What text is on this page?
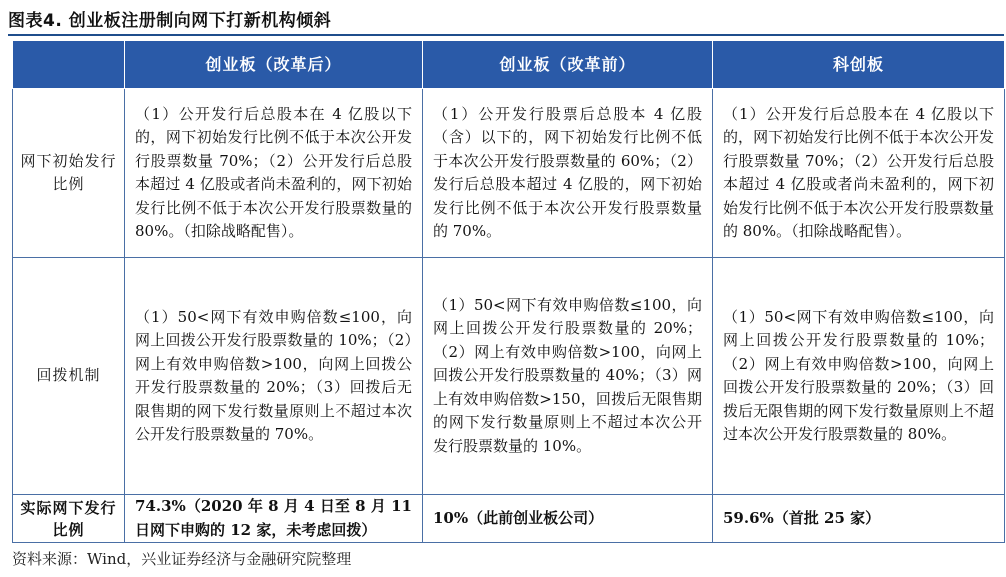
图表4. 创业板注册制向网下打新机构倾斜
	创业板（改革后）	创业板（改革前）	科创板
网下初始发行比例	（1）公开发行后总股本在 4 亿股以下的，网下初始发行比例不低于本次公开发行股票数量 70%；（2）公开发行后总股本超过 4 亿股或者尚未盈利的，网下初始发行比例不低于本次公开发行股票数量的 80%。（扣除战略配售）。	（1）公开发行股票后总股本 4 亿股（含）以下的，网下初始发行比例不低于本次公开发行股票数量的 60%；（2）发行后总股本超过 4 亿股的，网下初始发行比例不低于本次公开发行股票数量的 70%。	（1）公开发行后总股本在 4 亿股以下的，网下初始发行比例不低于本次公开发行股票数量 70%；（2）公开发行后总股本超过 4 亿股或者尚未盈利的，网下初始发行比例不低于本次公开发行股票数量的 80%。（扣除战略配售）。
回拨机制	（1）50<网下有效申购倍数≤100，向网上回拨公开发行股票数量的 10%；（2）网上有效申购倍数>100，向网上回拨公开发行股票数量的 20%；（3）回拨后无限售期的网下发行数量原则上不超过本次公开发行股票数量的 70%。	（1）50<网下有效申购倍数≤100，向网上回拨公开发行股票数量的 20%；（2）网上有效申购倍数>100，向网上回拨公开发行股票数量的 40%；（3）网上有效申购倍数>150，回拨后无限售期的网下发行数量原则上不超过本次公开发行股票数量的 10%。	（1）50<网下有效申购倍数≤100，向网上回拨公开发行股票数量的 10%；（2）网上有效申购倍数>100，向网上回拨公开发行股票数量的 20%；（3）回拨后无限售期的网下发行数量原则上不超过本次公开发行股票数量的 80%。
实际网下发行比例	74.3%（2020 年 8 月 4 日至 8 月 11 日网下申购的 12 家，未考虑回拨）	10%（此前创业板公司）	59.6%（首批 25 家）
资料来源：Wind，兴业证券经济与金融研究院整理
